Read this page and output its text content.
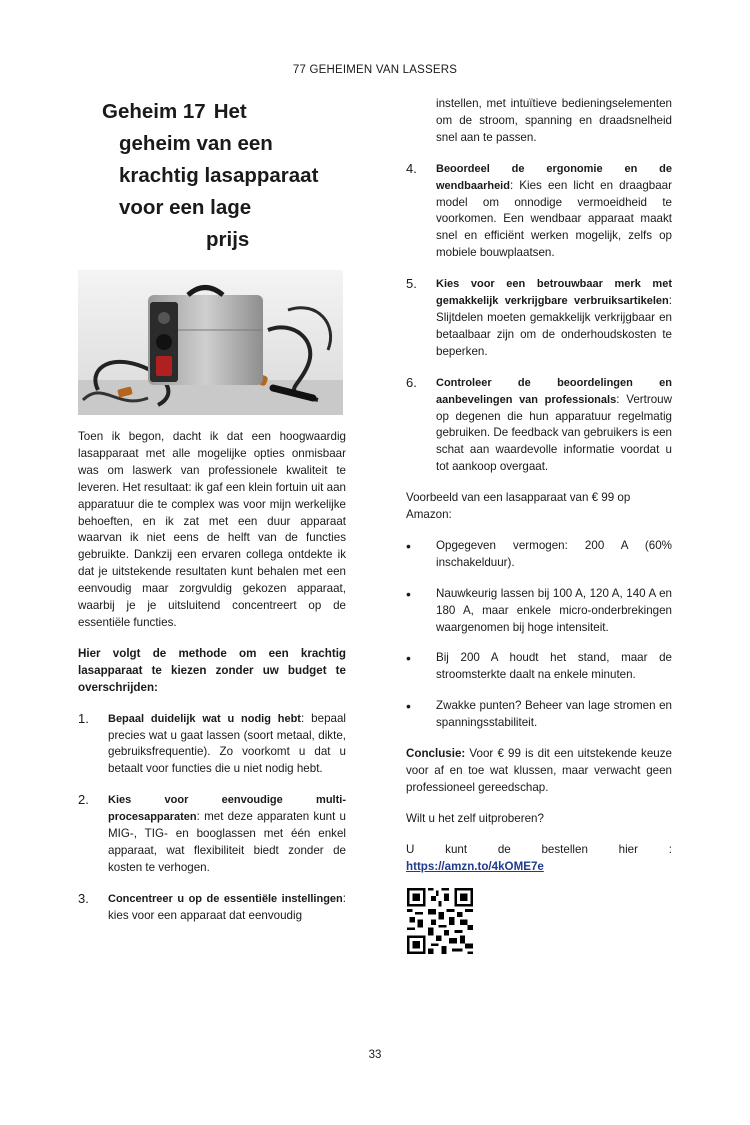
77 GEHEIMEN VAN LASSERS
Geheim 17 Het
geheim van een
krachtig lasapparaat
voor een lage
prijs

Toen ik begon, dacht ik dat een hoogwaardig lasapparaat met alle mogelijke opties onmisbaar was om laswerk van professionele kwaliteit te leveren. Het resultaat: ik gaf een klein fortuin uit aan apparatuur die te complex was voor mijn werkelijke behoeften, en ik zat met een duur apparaat waarvan ik niet eens de helft van de functies gebruikte. Dankzij een ervaren collega ontdekte ik dat je uitstekende resultaten kunt behalen met een eenvoudig maar zorgvuldig gekozen apparaat, waarbij je je uitsluitend concentreert op de essentiële functies.

Hier volgt de methode om een krachtig lasapparaat te kiezen zonder uw budget te overschrijden:

1.	Bepaal duidelijk wat u nodig hebt: bepaal precies wat u gaat lassen (soort metaal, dikte, gebruiksfrequentie). Zo voorkomt u dat u betaalt voor functies die u niet nodig hebt.
2.	Kies voor eenvoudige multi-procesapparaten: met deze apparaten kunt u MIG-, TIG- en booglassen met één enkel apparaat, wat flexibiliteit biedt zonder de kosten te verhogen.
3.	Concentreer u op de essentiële instellingen: kies voor een apparaat dat eenvoudig
instellen, met intuïtieve bedieningselementen om de stroom, spanning en draadsnelheid snel aan te passen.
4.	Beoordeel de ergonomie en de wendbaarheid: Kies een licht en draagbaar model om onnodige vermoeidheid te voorkomen. Een wendbaar apparaat maakt snel en efficiënt werken mogelijk, zelfs op mobiele bouwplaatsen.
5.	Kies voor een betrouwbaar merk met gemakkelijk verkrijgbare verbruiksartikelen: Slijtdelen moeten gemakkelijk verkrijgbaar en betaalbaar zijn om de onderhoudskosten te beperken.
6.	Controleer de beoordelingen en aanbevelingen van professionals: Vertrouw op degenen die hun apparatuur regelmatig gebruiken. De feedback van gebruikers is een schat aan waardevolle informatie voordat u tot aankoop overgaat.

Voorbeeld van een lasapparaat van € 99 op Amazon:

•	Opgegeven vermogen: 200 A (60% inschakelduur).
•	Nauwkeurig lassen bij 100 A, 120 A, 140 A en 180 A, maar enkele micro-onderbrekingen waargenomen bij hoge intensiteit.
•	Bij 200 A houdt het stand, maar de stroomsterkte daalt na enkele minuten.
•	Zwakke punten? Beheer van lage stromen en spanningsstabiliteit.

Conclusie: Voor € 99 is dit een uitstekende keuze voor af en toe wat klussen, maar verwacht geen professioneel gereedschap.

Wilt u het zelf uitproberen?

U kunt de bestellen hier :

https://amzn.to/4kOME7e

33
